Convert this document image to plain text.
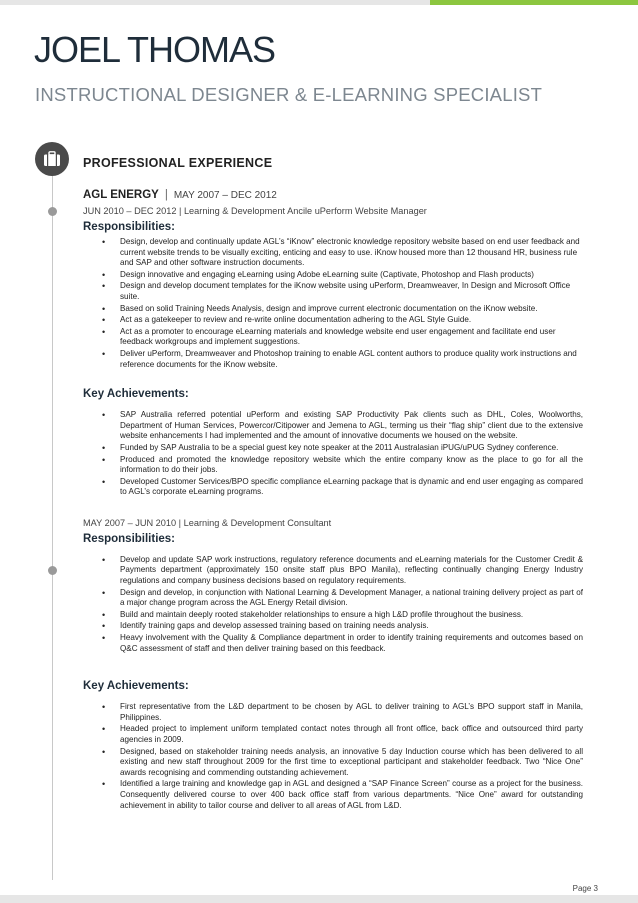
JOEL THOMAS
INSTRUCTIONAL DESIGNER & E-LEARNING SPECIALIST
PROFESSIONAL EXPERIENCE
AGL ENERGY | MAY 2007 – DEC 2012
JUN 2010 – DEC 2012 | Learning & Development Ancile uPerform Website Manager
Responsibilities:
• Design, develop and continually update AGL’s “iKnow” electronic knowledge repository website based on end user feedback and current website trends to be visually exciting, enticing and easy to use. iKnow housed more than 12 thousand HR, business rule and SAP and other software instruction documents.
• Design innovative and engaging eLearning using Adobe eLearning suite (Captivate, Photoshop and Flash products)
• Design and develop document templates for the iKnow website using uPerform, Dreamweaver, In Design and Microsoft Office suite.
• Based on solid Training Needs Analysis, design and improve current electronic documentation on the iKnow website.
• Act as a gatekeeper to review and re-write online documentation adhering to the AGL Style Guide.
• Act as a promoter to encourage eLearning materials and knowledge website end user engagement and facilitate end user feedback workgroups and implement suggestions.
• Deliver uPerform, Dreamweaver and Photoshop training to enable AGL content authors to produce quality work instructions and reference documents for the iKnow website.
Key Achievements:
• SAP Australia referred potential uPerform and existing SAP Productivity Pak clients such as DHL, Coles, Woolworths, Department of Human Services, Powercor/Citipower and Jemena to AGL, terming us their “flag ship” client due to the extensive website enhancements I had implemented and the amount of innovative documents we housed on the website.
• Funded by SAP Australia to be a special guest key note speaker at the 2011 Australasian iPUG/uPUG Sydney conference.
• Produced and promoted the knowledge repository website which the entire company know as the place to go for all the information to do their jobs.
• Developed Customer Services/BPO specific compliance eLearning package that is dynamic and end user engaging as compared to AGL’s corporate eLearning programs.
MAY 2007 – JUN 2010 | Learning & Development Consultant
Responsibilities:
• Develop and update SAP work instructions, regulatory reference documents and eLearning materials for the Customer Credit & Payments department (approximately 150 onsite staff plus BPO Manila), reflecting continually changing Energy Industry regulations and company business decisions based on regulatory requirements.
• Design and develop, in conjunction with National Learning & Development Manager, a national training delivery project as part of a major change program across the AGL Energy Retail division.
• Build and maintain deeply rooted stakeholder relationships to ensure a high L&D profile throughout the business.
• Identify training gaps and develop assessed training based on training needs analysis.
• Heavy involvement with the Quality & Compliance department in order to identify training requirements and outcomes based on Q&C assessment of staff and then deliver training based on this feedback.
Key Achievements:
• First representative from the L&D department to be chosen by AGL to deliver training to AGL’s BPO support staff in Manila, Philippines.
• Headed project to implement uniform templated contact notes through all front office, back office and outsourced third party agencies in 2009.
• Designed, based on stakeholder training needs analysis, an innovative 5 day Induction course which has been delivered to all existing and new staff throughout 2009 for the first time to exceptional participant and stakeholder feedback. Two “Nice One” awards recognising and commending outstanding achievement.
• Identified a large training and knowledge gap in AGL and designed a “SAP Finance Screen” course as a project for the business. Consequently delivered course to over 400 back office staff from various departments. “Nice One” award for outstanding achievement in ability to tailor course and deliver to all areas of AGL from L&D.
Page 3
